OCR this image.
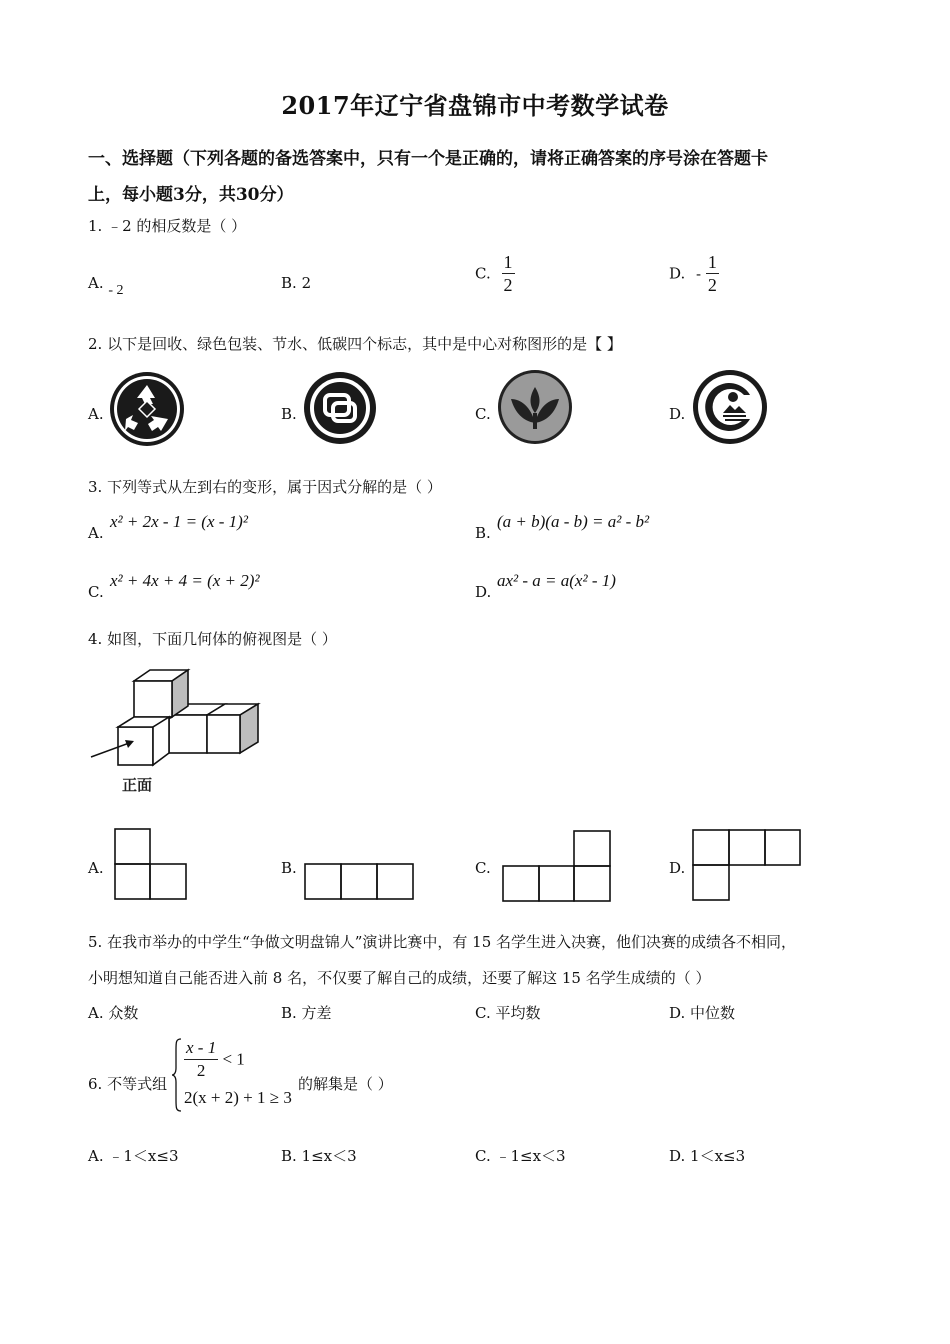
2017年辽宁省盘锦市中考数学试卷
一、选择题（下列各题的备选答案中，只有一个是正确的，请将正确答案的序号涂在答题卡
上，每小题3分，共30分）
1. ﹣2 的相反数是（ ）
A. - 2	B. 2
C. $\frac{1}{2}$	D. - $\frac{1}{2}$
2. 以下是回收、绿色包装、节水、低碳四个标志，其中是中心对称图形的是【 】
A.	B.	C.	D.
3. 下列等式从左到右的变形，属于因式分解的是（ ）
A.
x² + 2x - 1 = (x - 1)²
B.
(a + b)(a - b) = a² - b²
C.
x² + 4x + 4 = (x + 2)²
D.
ax² - a = a(x² - 1)
4. 如图，下面几何体的俯视图是（ ）
正面
A.	B.	C.	D.
5. 在我市举办的中学生“争做文明盘锦人”演讲比赛中，有 15 名学生进入决赛，他们决赛的成绩各不相同，
小明想知道自己能否进入前 8 名，不仅要了解自己的成绩，还要了解这 15 名学生成绩的（ ）
A. 众数	B. 方差	C. 平均数	D. 中位数
6. 不等式组
$\frac{x - 1}{2} < 1$
2(x + 2) + 1 ≥ 3
的解集是（ ）
A. ﹣1＜x≤3	B. 1≤x＜3	C. ﹣1≤x＜3	D. 1＜x≤3
